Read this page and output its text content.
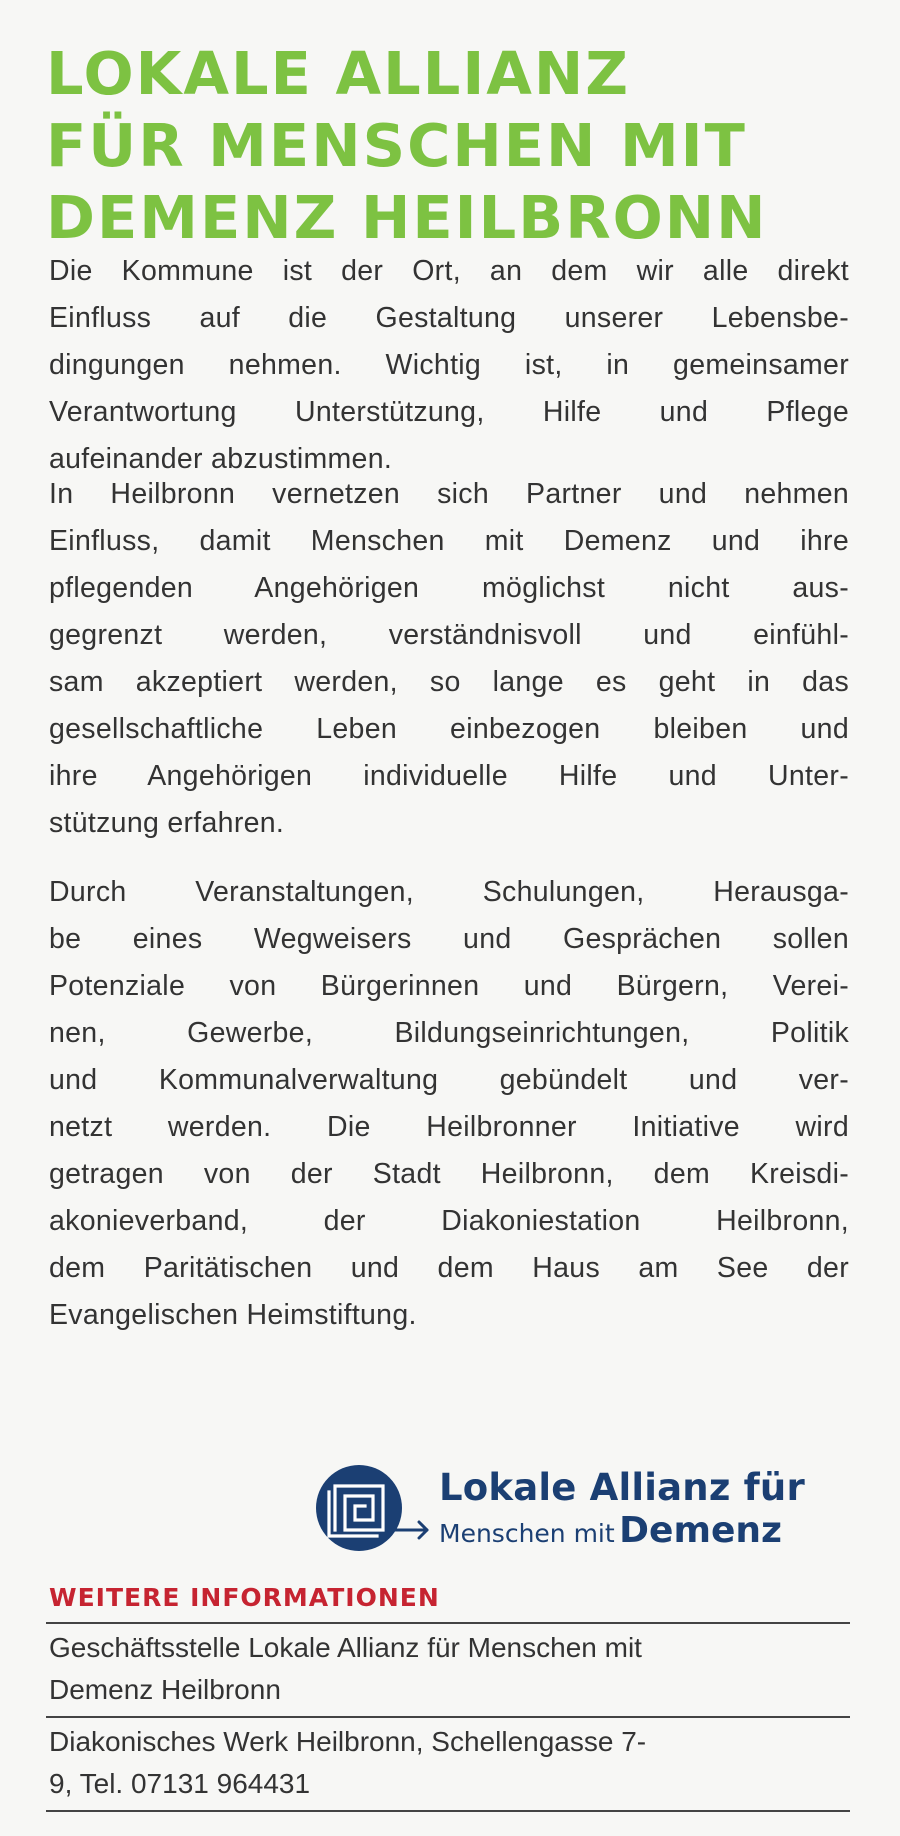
LOKALE ALLIANZ
FÜR MENSCHEN MIT
DEMENZ HEILBRONN
Die Kommune ist der Ort, an dem wir alle direkt
Einfluss auf die Gestaltung unserer Lebensbe-
dingungen nehmen. Wichtig ist, in gemeinsamer
Verantwortung Unterstützung, Hilfe und Pflege
aufeinander abzustimmen.
In Heilbronn vernetzen sich Partner und nehmen
Einfluss, damit Menschen mit Demenz und ihre
pflegenden Angehörigen möglichst nicht aus-
gegrenzt werden, verständnisvoll und einfühl-
sam akzeptiert werden, so lange es geht in das
gesellschaftliche Leben einbezogen bleiben und
ihre Angehörigen individuelle Hilfe und Unter-
stützung erfahren.
Durch Veranstaltungen, Schulungen, Herausga-
be eines Wegweisers und Gesprächen sollen
Potenziale von Bürgerinnen und Bürgern, Verei-
nen, Gewerbe, Bildungseinrichtungen, Politik
und Kommunalverwaltung gebündelt und ver-
netzt werden. Die Heilbronner Initiative wird
getragen von der Stadt Heilbronn, dem Kreisdi-
akonieverband, der Diakoniestation Heilbronn,
dem Paritätischen und dem Haus am See der
Evangelischen Heimstiftung.
Lokale Allianz für
Menschen mit Demenz
WEITERE INFORMATIONEN
Geschäftsstelle Lokale Allianz für Menschen mit
Demenz Heilbronn
Diakonisches Werk Heilbronn, Schellengasse 7-
9, Tel. 07131 964431
